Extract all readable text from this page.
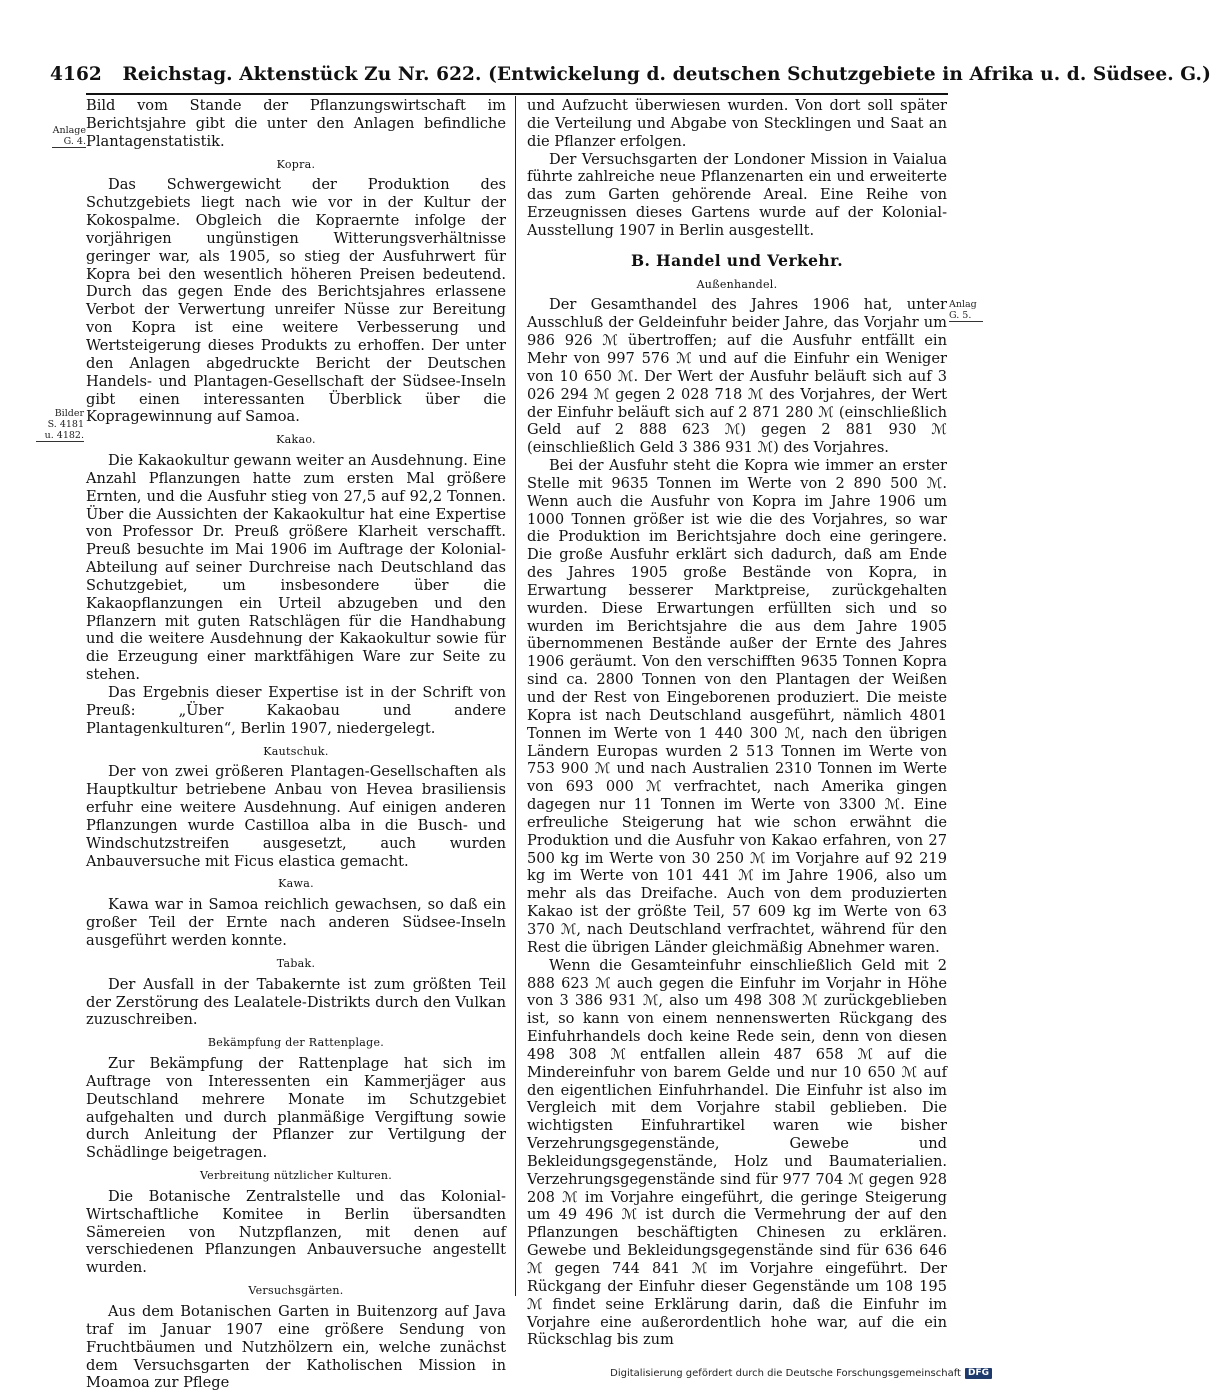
4162 Reichstag. Aktenstück Zu Nr. 622. (Entwickelung d. deutschen Schutzgebiete in Afrika u. d. Südsee. G.)
Anlage
G. 4.
Bilder
S. 4181
u. 4182.
Anlag
G. 5.

Bild vom Stande der Pflanzungswirtschaft im Berichtsjahre gibt die unter den Anlagen befindliche Plantagenstatistik.

Kopra.

Das Schwergewicht der Produktion des Schutzgebiets liegt nach wie vor in der Kultur der Kokospalme. Obgleich die Kopraernte infolge der vorjährigen ungünstigen Witterungsverhältnisse geringer war, als 1905, so stieg der Ausfuhrwert für Kopra bei den wesentlich höheren Preisen bedeutend. Durch das gegen Ende des Berichtsjahres erlassene Verbot der Verwertung unreifer Nüsse zur Bereitung von Kopra ist eine weitere Verbesserung und Wertsteigerung dieses Produkts zu erhoffen. Der unter den Anlagen abgedruckte Bericht der Deutschen Handels- und Plantagen-Gesellschaft der Südsee-Inseln gibt einen interessanten Überblick über die Kopragewinnung auf Samoa.

Kakao.

Die Kakaokultur gewann weiter an Ausdehnung. Eine Anzahl Pflanzungen hatte zum ersten Mal größere Ernten, und die Ausfuhr stieg von 27,5 auf 92,2 Tonnen. Über die Aussichten der Kakaokultur hat eine Expertise von Professor Dr. Preuß größere Klarheit verschafft. Preuß besuchte im Mai 1906 im Auftrage der Kolonial-Abteilung auf seiner Durchreise nach Deutschland das Schutzgebiet, um insbesondere über die Kakaopflanzungen ein Urteil abzugeben und den Pflanzern mit guten Ratschlägen für die Handhabung und die weitere Ausdehnung der Kakaokultur sowie für die Erzeugung einer marktfähigen Ware zur Seite zu stehen.

Das Ergebnis dieser Expertise ist in der Schrift von Preuß: „Über Kakaobau und andere Plantagenkulturen“, Berlin 1907, niedergelegt.

Kautschuk.

Der von zwei größeren Plantagen-Gesellschaften als Hauptkultur betriebene Anbau von Hevea brasiliensis erfuhr eine weitere Ausdehnung. Auf einigen anderen Pflanzungen wurde Castilloa alba in die Busch- und Windschutzstreifen ausgesetzt, auch wurden Anbauversuche mit Ficus elastica gemacht.

Kawa.

Kawa war in Samoa reichlich gewachsen, so daß ein großer Teil der Ernte nach anderen Südsee-Inseln ausgeführt werden konnte.

Tabak.

Der Ausfall in der Tabakernte ist zum größten Teil der Zerstörung des Lealatele-Distrikts durch den Vulkan zuzuschreiben.

Bekämpfung der Rattenplage.

Zur Bekämpfung der Rattenplage hat sich im Auftrage von Interessenten ein Kammerjäger aus Deutschland mehrere Monate im Schutzgebiet aufgehalten und durch planmäßige Vergiftung sowie durch Anleitung der Pflanzer zur Vertilgung der Schädlinge beigetragen.

Verbreitung nützlicher Kulturen.

Die Botanische Zentralstelle und das Kolonial-Wirtschaftliche Komitee in Berlin übersandten Sämereien von Nutzpflanzen, mit denen auf verschiedenen Pflanzungen Anbauversuche angestellt wurden.

Versuchsgärten.

Aus dem Botanischen Garten in Buitenzorg auf Java traf im Januar 1907 eine größere Sendung von Fruchtbäumen und Nutzhölzern ein, welche zunächst dem Versuchsgarten der Katholischen Mission in Moamoa zur Pflege

und Aufzucht überwiesen wurden. Von dort soll später die Verteilung und Abgabe von Stecklingen und Saat an die Pflanzer erfolgen.

Der Versuchsgarten der Londoner Mission in Vaialua führte zahlreiche neue Pflanzenarten ein und erweiterte das zum Garten gehörende Areal. Eine Reihe von Erzeugnissen dieses Gartens wurde auf der Kolonial-Ausstellung 1907 in Berlin ausgestellt.

B. Handel und Verkehr.
Außenhandel.

Der Gesamthandel des Jahres 1906 hat, unter Ausschluß der Geldeinfuhr beider Jahre, das Vorjahr um 986 926 ℳ übertroffen; auf die Ausfuhr entfällt ein Mehr von 997 576 ℳ und auf die Einfuhr ein Weniger von 10 650 ℳ. Der Wert der Ausfuhr beläuft sich auf 3 026 294 ℳ gegen 2 028 718 ℳ des Vorjahres, der Wert der Einfuhr beläuft sich auf 2 871 280 ℳ (einschließlich Geld auf 2 888 623 ℳ) gegen 2 881 930 ℳ (einschließlich Geld 3 386 931 ℳ) des Vorjahres.

Bei der Ausfuhr steht die Kopra wie immer an erster Stelle mit 9635 Tonnen im Werte von 2 890 500 ℳ. Wenn auch die Ausfuhr von Kopra im Jahre 1906 um 1000 Tonnen größer ist wie die des Vorjahres, so war die Produktion im Berichtsjahre doch eine geringere. Die große Ausfuhr erklärt sich dadurch, daß am Ende des Jahres 1905 große Bestände von Kopra, in Erwartung besserer Marktpreise, zurückgehalten wurden. Diese Erwartungen erfüllten sich und so wurden im Berichtsjahre die aus dem Jahre 1905 übernommenen Bestände außer der Ernte des Jahres 1906 geräumt. Von den verschifften 9635 Tonnen Kopra sind ca. 2800 Tonnen von den Plantagen der Weißen und der Rest von Eingeborenen produziert. Die meiste Kopra ist nach Deutschland ausgeführt, nämlich 4801 Tonnen im Werte von 1 440 300 ℳ, nach den übrigen Ländern Europas wurden 2 513 Tonnen im Werte von 753 900 ℳ und nach Australien 2310 Tonnen im Werte von 693 000 ℳ verfrachtet, nach Amerika gingen dagegen nur 11 Tonnen im Werte von 3300 ℳ. Eine erfreuliche Steigerung hat wie schon erwähnt die Produktion und die Ausfuhr von Kakao erfahren, von 27 500 kg im Werte von 30 250 ℳ im Vorjahre auf 92 219 kg im Werte von 101 441 ℳ im Jahre 1906, also um mehr als das Dreifache. Auch von dem produzierten Kakao ist der größte Teil, 57 609 kg im Werte von 63 370 ℳ, nach Deutschland verfrachtet, während für den Rest die übrigen Länder gleichmäßig Abnehmer waren.

Wenn die Gesamteinfuhr einschließlich Geld mit 2 888 623 ℳ auch gegen die Einfuhr im Vorjahr in Höhe von 3 386 931 ℳ, also um 498 308 ℳ zurückgeblieben ist, so kann von einem nennenswerten Rückgang des Einfuhrhandels doch keine Rede sein, denn von diesen 498 308 ℳ entfallen allein 487 658 ℳ auf die Mindereinfuhr von barem Gelde und nur 10 650 ℳ auf den eigentlichen Einfuhrhandel. Die Einfuhr ist also im Vergleich mit dem Vorjahre stabil geblieben. Die wichtigsten Einfuhrartikel waren wie bisher Verzehrungsgegenstände, Gewebe und Bekleidungsgegenstände, Holz und Baumaterialien. Verzehrungsgegenstände sind für 977 704 ℳ gegen 928 208 ℳ im Vorjahre eingeführt, die geringe Steigerung um 49 496 ℳ ist durch die Vermehrung der auf den Pflanzungen beschäftigten Chinesen zu erklären. Gewebe und Bekleidungsgegenstände sind für 636 646 ℳ gegen 744 841 ℳ im Vorjahre eingeführt. Der Rückgang der Einfuhr dieser Gegenstände um 108 195 ℳ findet seine Erklärung darin, daß die Einfuhr im Vorjahre eine außerordentlich hohe war, auf die ein Rückschlag bis zum

Digitalisierung gefördert durch die Deutsche Forschungsgemeinschaft DFG
